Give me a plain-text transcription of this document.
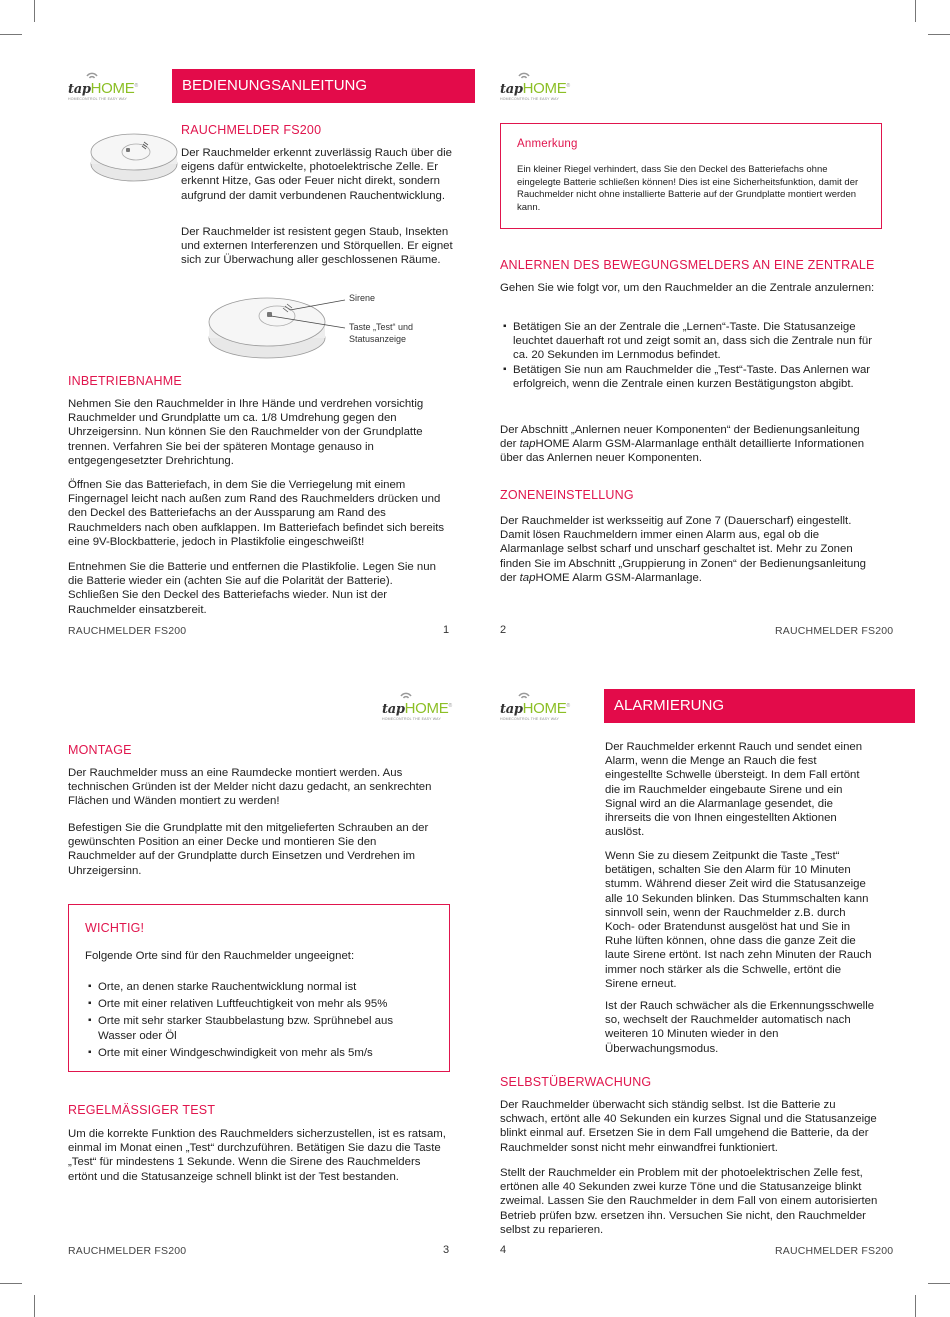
tapHOME®
HOMECONTROL THE EASY WAY
BEDIENUNGSANLEITUNG
RAUCHMELDER FS200

Der Rauchmelder erkennt zuverlässig Rauch über die eigens dafür entwickelte, photoelektrische Zelle. Er erkennt Hitze, Gas oder Feuer nicht direkt, sondern aufgrund der damit verbundenen Rauchentwicklung.

Der Rauchmelder ist resistent gegen Staub, Insekten und externen Interferenzen und Störquellen. Er eignet sich zur Überwachung aller geschlossenen Räume.

Sirene
Taste „Test“ und Statusanzeige
INBETRIEBNAHME

Nehmen Sie den Rauchmelder in Ihre Hände und verdrehen vorsichtig Rauchmelder und Grundplatte um ca. 1/8 Umdrehung gegen den Uhrzeigersinn. Nun können Sie den Rauchmelder von der Grundplatte trennen. Verfahren Sie bei der späteren Montage genauso in entgegengesetzter Drehrichtung.

Öffnen Sie das Batteriefach, in dem Sie die Verriegelung mit einem Fingernagel leicht nach außen zum Rand des Rauchmelders drücken und den Deckel des Batteriefachs an der Aussparung am Rand des Rauchmelders nach oben aufklappen. Im Batteriefach befindet sich bereits eine 9V-Blockbatterie, jedoch in Plastikfolie eingeschweißt!

Entnehmen Sie die Batterie und entfernen die Plastikfolie. Legen Sie nun die Batterie wieder ein (achten Sie auf die Polarität der Batterie). Schließen Sie den Deckel des Batteriefachs wieder. Nun ist der Rauchmelder einsatzbereit.

RAUCHMELDER FS200	1
tapHOME®
HOMECONTROL THE EASY WAY
Anmerkung

Ein kleiner Riegel verhindert, dass Sie den Deckel des Batteriefachs ohne eingelegte Batterie schließen können! Dies ist eine Sicherheitsfunktion, damit der Rauchmelder nicht ohne installierte Batterie auf der Grundplatte montiert werden kann.

ANLERNEN DES BEWEGUNGSMELDERS AN EINE ZENTRALE

Gehen Sie wie folgt vor, um den Rauchmelder an die Zentrale anzulernen:

▪ Betätigen Sie an der Zentrale die „Lernen“-Taste. Die Statusanzeige leuchtet dauerhaft rot und zeigt somit an, dass sich die Zentrale nun für ca. 20 Sekunden im Lernmodus befindet.
▪ Betätigen Sie nun am Rauchmelder die „Test“-Taste. Das Anlernen war erfolgreich, wenn die Zentrale einen kurzen Bestätigungston abgibt.

Der Abschnitt „Anlernen neuer Komponenten“ der Bedienungsanleitung der tapHOME Alarm GSM-Alarmanlage enthält detaillierte Informationen über das Anlernen neuer Komponenten.

ZONENEINSTELLUNG

Der Rauchmelder ist werksseitig auf Zone 7 (Dauerscharf) eingestellt. Damit lösen Rauchmeldern immer einen Alarm aus, egal ob die Alarmanlage selbst scharf und unscharf geschaltet ist. Mehr zu Zonen finden Sie im Abschnitt „Gruppierung in Zonen“ der Bedienungsanleitung der tapHOME Alarm GSM-Alarmanlage.

2	RAUCHMELDER FS200
tapHOME®
HOMECONTROL THE EASY WAY
MONTAGE

Der Rauchmelder muss an eine Raumdecke montiert werden. Aus technischen Gründen ist der Melder nicht dazu gedacht, an senkrechten Flächen und Wänden montiert zu werden!

Befestigen Sie die Grundplatte mit den mitgelieferten Schrauben an der gewünschten Position an einer Decke und montieren Sie den Rauchmelder auf der Grundplatte durch Einsetzen und Verdrehen im Uhrzeigersinn.

WICHTIG!

Folgende Orte sind für den Rauchmelder ungeeignet:

▪ Orte, an denen starke Rauchentwicklung normal ist
▪ Orte mit einer relativen Luftfeuchtigkeit von mehr als 95%
▪ Orte mit sehr starker Staubbelastung bzw. Sprühnebel aus Wasser oder Öl
▪ Orte mit einer Windgeschwindigkeit von mehr als 5m/s
REGELMÄSSIGER TEST

Um die korrekte Funktion des Rauchmelders sicherzustellen, ist es ratsam, einmal im Monat einen „Test“ durchzuführen. Betätigen Sie dazu die Taste „Test“ für mindestens 1 Sekunde. Wenn die Sirene des Rauchmelders ertönt und die Statusanzeige schnell blinkt ist der Test bestanden.

RAUCHMELDER FS200	3
tapHOME®
HOMECONTROL THE EASY WAY
ALARMIERUNG

Der Rauchmelder erkennt Rauch und sendet einen Alarm, wenn die Menge an Rauch die fest eingestellte Schwelle übersteigt. In dem Fall ertönt die im Rauchmelder eingebaute Sirene und ein Signal wird an die Alarmanlage gesendet, die ihrerseits die von Ihnen eingestellten Aktionen auslöst.

Wenn Sie zu diesem Zeitpunkt die Taste „Test“ betätigen, schalten Sie den Alarm für 10 Minuten stumm. Während dieser Zeit wird die Statusanzeige alle 10 Sekunden blinken. Das Stummschalten kann sinnvoll sein, wenn der Rauchmelder z.B. durch Koch- oder Bratendunst ausgelöst hat und Sie in Ruhe lüften können, ohne dass die ganze Zeit die laute Sirene ertönt. Ist nach zehn Minuten der Rauch immer noch stärker als die Schwelle, ertönt die Sirene erneut.

Ist der Rauch schwächer als die Erkennungsschwelle so, wechselt der Rauchmelder automatisch nach weiteren 10 Minuten wieder in den Überwachungsmodus.

SELBSTÜBERWACHUNG

Der Rauchmelder überwacht sich ständig selbst. Ist die Batterie zu schwach, ertönt alle 40 Sekunden ein kurzes Signal und die Statusanzeige blinkt einmal auf. Ersetzen Sie in dem Fall umgehend die Batterie, da der Rauchmelder sonst nicht mehr einwandfrei funktioniert.

Stellt der Rauchmelder ein Problem mit der photoelektrischen Zelle fest, ertönen alle 40 Sekunden zwei kurze Töne und die Statusanzeige blinkt zweimal. Lassen Sie den Rauchmelder in dem Fall von einem autorisierten Betrieb prüfen bzw. ersetzen ihn. Versuchen Sie nicht, den Rauchmelder selbst zu reparieren.

4	RAUCHMELDER FS200
